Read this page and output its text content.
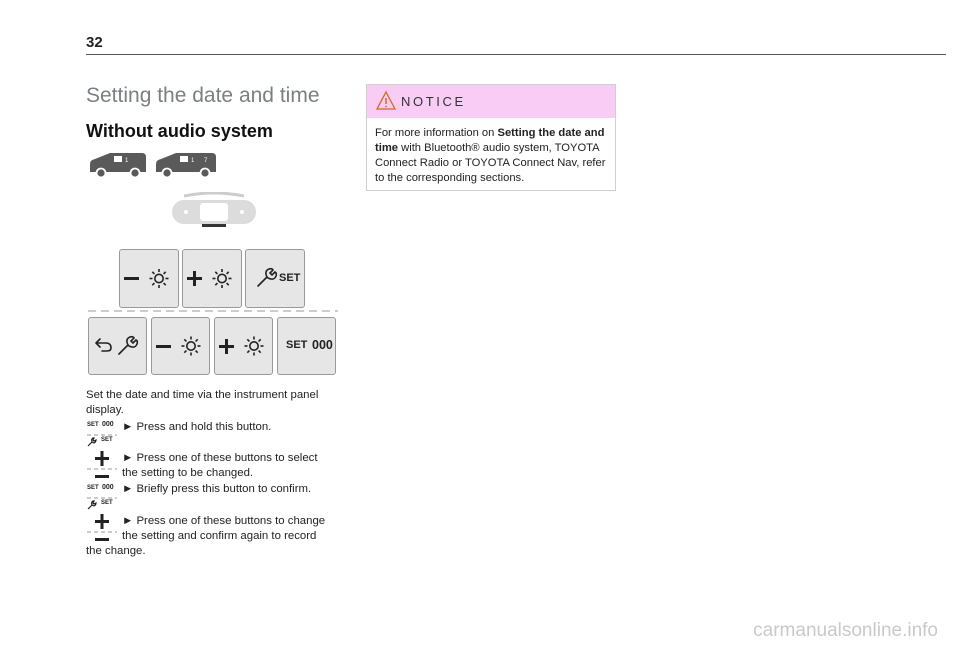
32
Setting the date and time
Without audio system
1	1 7
SET
SET 000
Set the date and time via the instrument panel display.
SET 000 ► Press and hold this button.
SET
► Press one of these buttons to select
the setting to be changed.
SET 000 ► Briefly press this button to confirm.
SET
► Press one of these buttons to change
the setting and confirm again to record
the change.
NOTICE
For more information on Setting the date and time with Bluetooth® audio system, TOYOTA Connect Radio or TOYOTA Connect Nav, refer to the corresponding sections.
carmanualsonline.info
